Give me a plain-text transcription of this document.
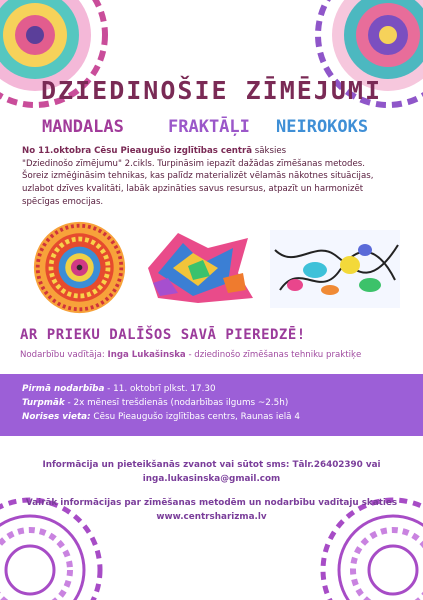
DZIEDINOŠIE ZĪMĒJUMI
MANDALAS	FRAKTĀĻI NEIROKOKS
No 11.oktobra Cēsu Pieaugušo izglītības centrā sāksies
"Dziedinošo zīmējumu" 2.cikls. Turpināsim iepazīt dažādas zīmēšanas metodes.
Šoreiz izmēģināsim tehnikas, kas palīdz materializēt vēlamās nākotnes situācijas,
uzlabot dzīves kvalitāti, labāk apzināties savus resursus, atpazīt un harmonizēt
spēcīgas emocijas.
AR PRIEKU DALĪŠOS SAVĀ PIEREDZĒ!
Nodarbību vadītāja: Inga Lukašinska - dziedinošo zīmēšanas tehniku praktiķe
Pirmā nodarbība - 11. oktobrī plkst. 17.30
Turpmāk - 2x mēnesī trešdienās (nodarbības ilgums ~2.5h)
Norises vieta: Cēsu Pieaugušo izglītības centrs, Raunas ielā 4
Informācija un pieteikšanās zvanot vai sūtot sms: Tālr.26402390 vai
inga.lukasinska@gmail.com
Vairāk informācijas par zīmēšanas metodēm un nodarbību vadītaju skaties
www.centrsharizma.lv
